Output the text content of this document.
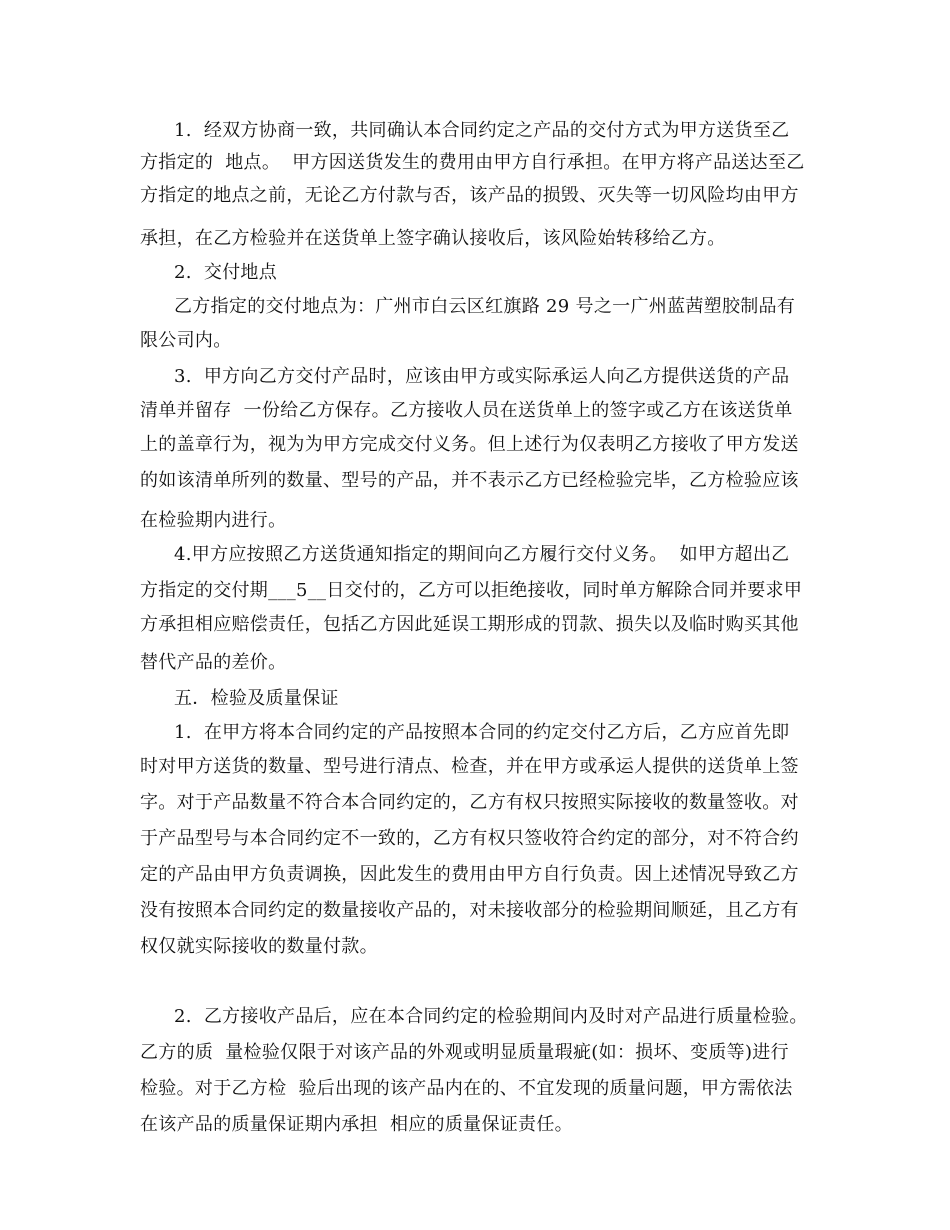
1.  经双方协商一致，共同确认本合同约定之产品的交付方式为甲方送货至乙
方指定的  地点。  甲方因送货发生的费用由甲方自行承担。在甲方将产品送达至乙
方指定的地点之前，无论乙方付款与否，该产品的损毁、灭失等一切风险均由甲方
承担，在乙方检验并在送货单上签字确认接收后，该风险始转移给乙方。
2.  交付地点
乙方指定的交付地点为：广州市白云区红旗路 29 号之一广州蓝茜塑胶制品有
限公司内。
3.  甲方向乙方交付产品时，应该由甲方或实际承运人向乙方提供送货的产品
清单并留存  一份给乙方保存。乙方接收人员在送货单上的签字或乙方在该送货单
上的盖章行为，视为为甲方完成交付义务。但上述行为仅表明乙方接收了甲方发送
的如该清单所列的数量、型号的产品，并不表示乙方已经检验完毕，乙方检验应该
在检验期内进行。
4.甲方应按照乙方送货通知指定的期间向乙方履行交付义务。  如甲方超出乙
方指定的交付期___5__日交付的，乙方可以拒绝接收，同时单方解除合同并要求甲
方承担相应赔偿责任，包括乙方因此延误工期形成的罚款、损失以及临时购买其他
替代产品的差价。
五．检验及质量保证
1.  在甲方将本合同约定的产品按照本合同的约定交付乙方后，乙方应首先即
时对甲方送货的数量、型号进行清点、检查，并在甲方或承运人提供的送货单上签
字。对于产品数量不符合本合同约定的，乙方有权只按照实际接收的数量签收。对
于产品型号与本合同约定不一致的，乙方有权只签收符合约定的部分，对不符合约
定的产品由甲方负责调换，因此发生的费用由甲方自行负责。因上述情况导致乙方
没有按照本合同约定的数量接收产品的，对未接收部分的检验期间顺延，且乙方有
权仅就实际接收的数量付款。
2.  乙方接收产品后，应在本合同约定的检验期间内及时对产品进行质量检验。
乙方的质  量检验仅限于对该产品的外观或明显质量瑕疵(如：损坏、变质等)进行
检验。对于乙方检  验后出现的该产品内在的、不宜发现的质量问题，甲方需依法
在该产品的质量保证期内承担  相应的质量保证责任。
